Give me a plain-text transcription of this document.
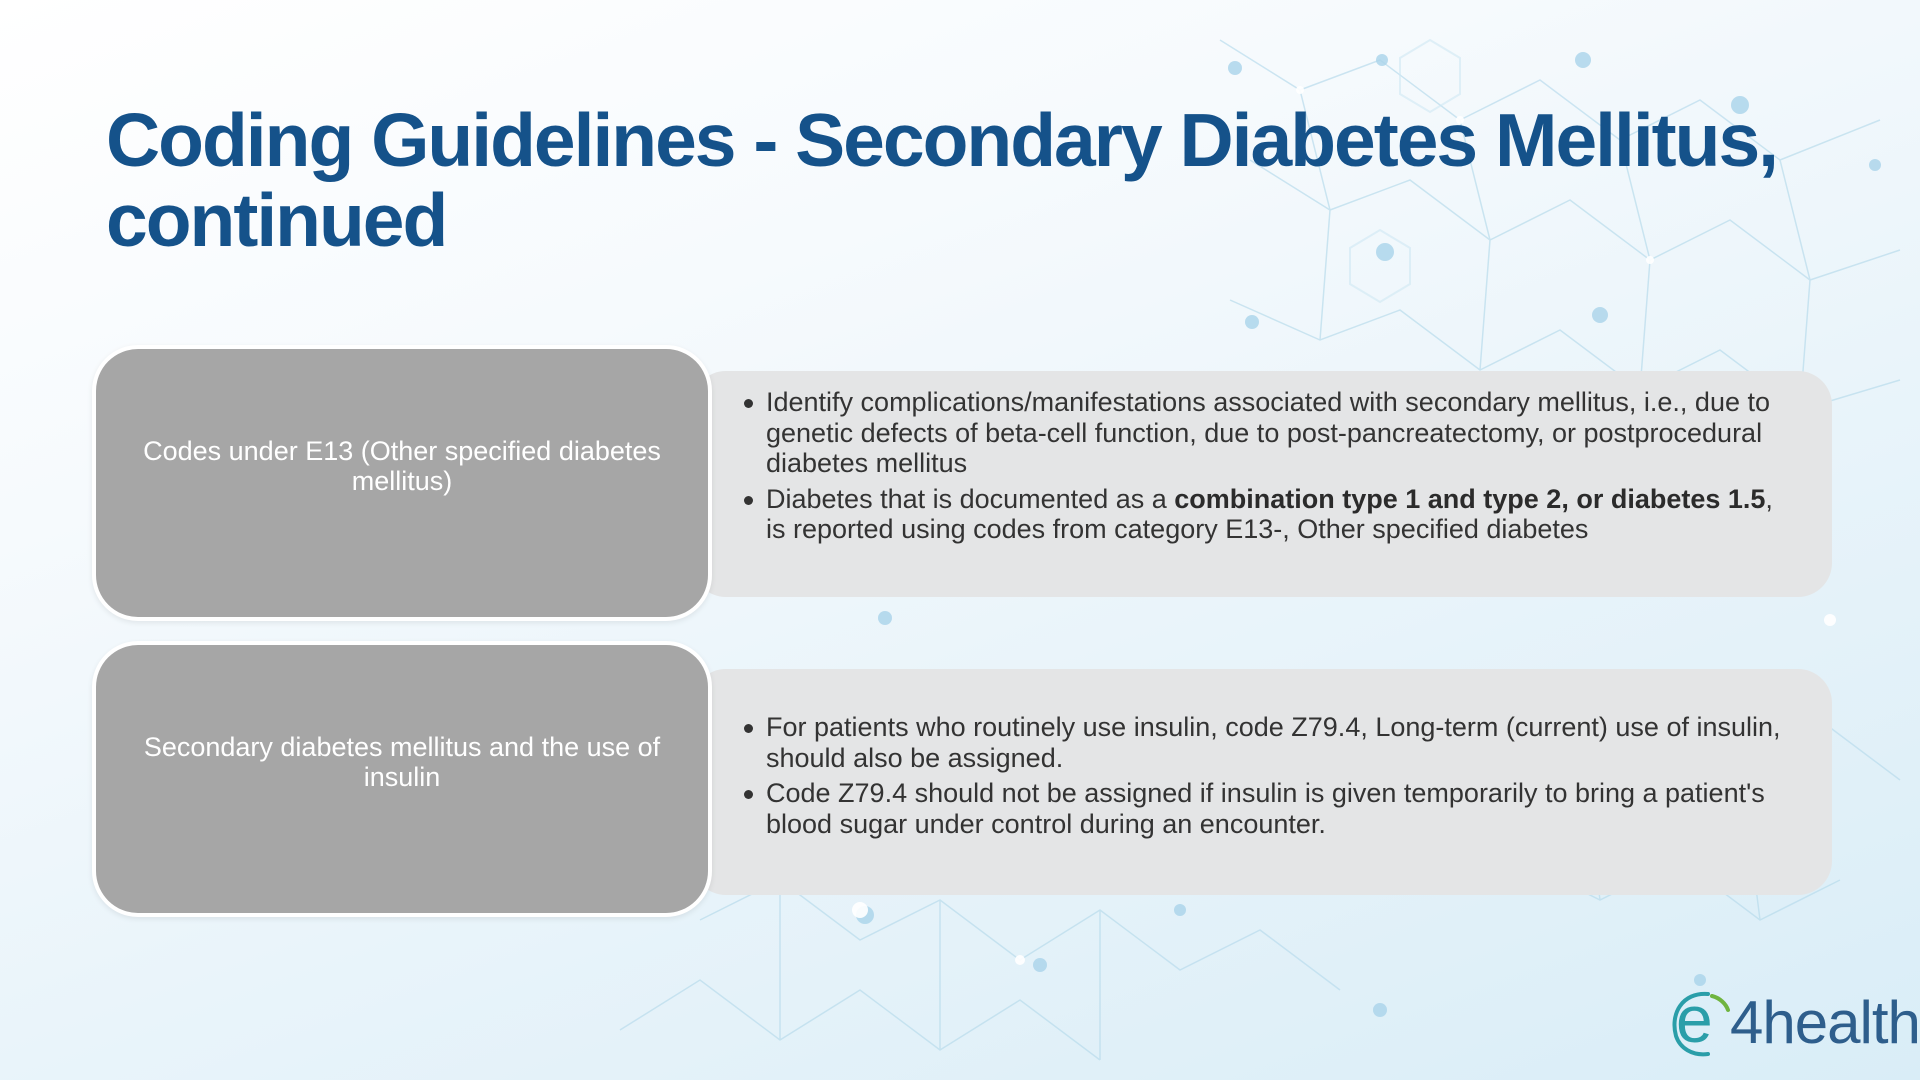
Coding Guidelines - Secondary Diabetes Mellitus, continued
Codes under E13 (Other specified diabetes mellitus)
Identify complications/manifestations associated with secondary mellitus, i.e., due to genetic defects of beta-cell function, due to post-pancreatectomy, or postprocedural diabetes mellitus
Diabetes that is documented as a combination type 1 and type 2, or diabetes 1.5, is reported using codes from category E13-, Other specified diabetes
Secondary diabetes mellitus and the use of insulin
For patients who routinely use insulin, code Z79.4, Long-term (current) use of insulin, should also be assigned.
Code Z79.4 should not be assigned if insulin is given temporarily to bring a patient's blood sugar under control during an encounter.
e 4health
